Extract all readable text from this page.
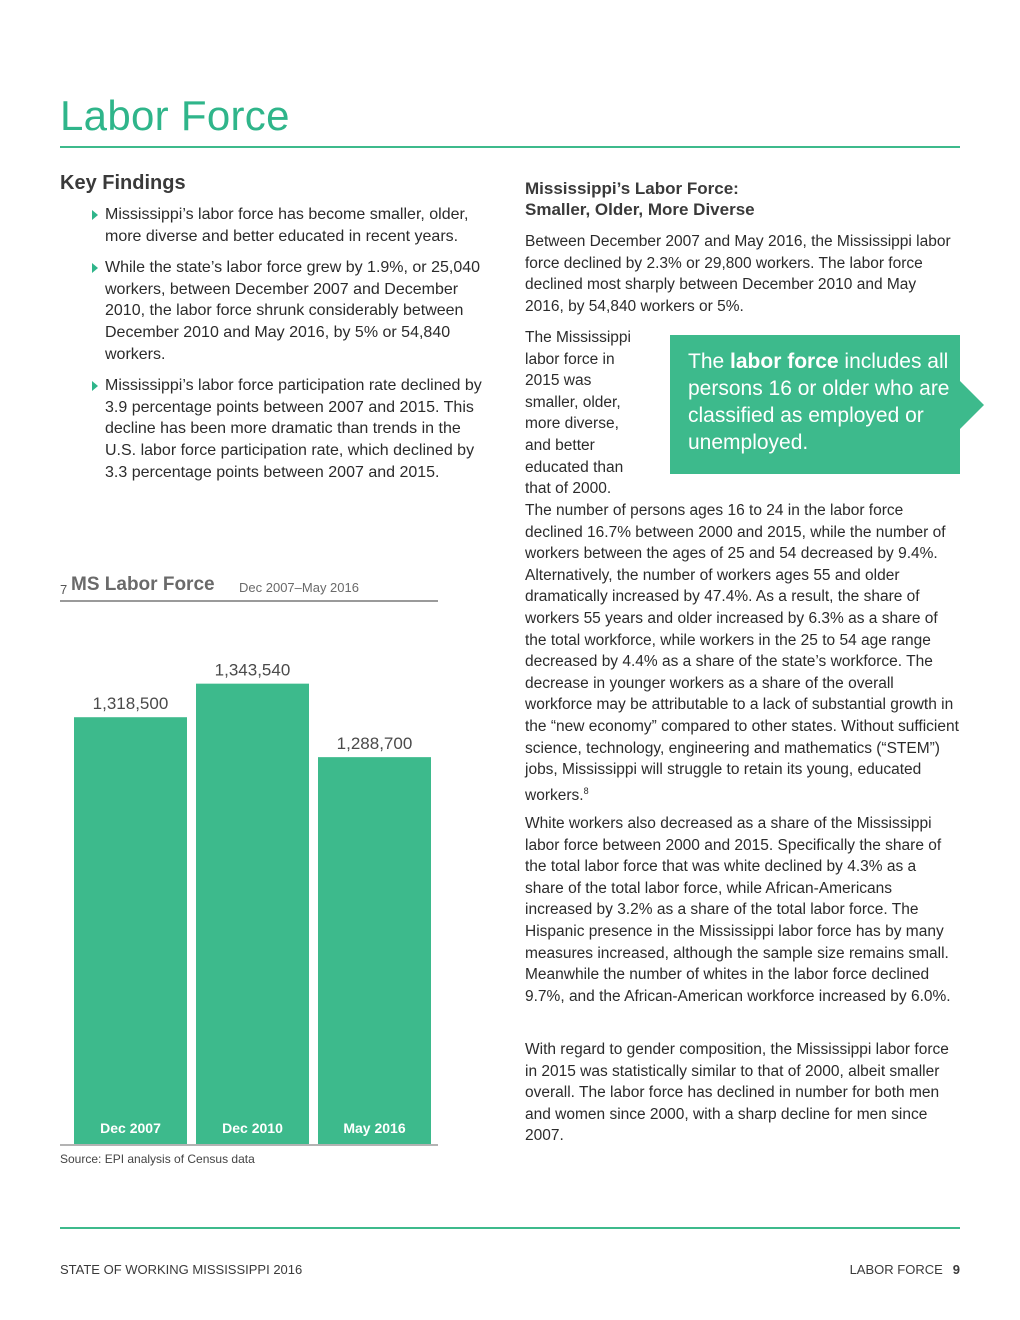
Labor Force
Key Findings
Mississippi’s labor force has become smaller, older, more diverse and better educated in recent years.
While the state’s labor force grew by 1.9%, or 25,040 workers, between December 2007 and December 2010, the labor force shrunk considerably between December 2010 and May 2016, by 5% or 54,840 workers.
Mississippi’s labor force participation rate declined by 3.9 percentage points between 2007 and 2015. This decline has been more dramatic than trends in the U.S. labor force participation rate, which declined by 3.3 percentage points between 2007 and 2015.
7 MS Labor Force Dec 2007–May 2016
1,318,500
Dec 2007
1,343,540
Dec 2010
1,288,700
May 2016
Source: EPI analysis of Census data
Mississippi’s Labor Force:
Smaller, Older, More Diverse

Between December 2007 and May 2016, the Mississippi labor force declined by 2.3% or 29,800 workers. The labor force declined most sharply between December 2010 and May 2016, by 54,840 workers or 5%.

The Mississippi labor force in 2015 was smaller, older, more diverse, and better educated than that of 2000.

The labor force includes all persons 16 or older who are classified as employed or unemployed.

The number of persons ages 16 to 24 in the labor force declined 16.7% between 2000 and 2015, while the number of workers between the ages of 25 and 54 decreased by 9.4%. Alternatively, the number of workers ages 55 and older dramatically increased by 47.4%. As a result, the share of workers 55 years and older increased by 6.3% as a share of the total workforce, while workers in the 25 to 54 age range decreased by 4.4% as a share of the state’s workforce. The decrease in younger workers as a share of the overall workforce may be attributable to a lack of substantial growth in the “new economy” compared to other states. Without sufficient science, technology, engineering and mathematics (“STEM”) jobs, Mississippi will struggle to retain its young, educated workers.$^8$

White workers also decreased as a share of the Mississippi labor force between 2000 and 2015. Specifically the share of the total labor force that was white declined by 4.3% as a share of the total labor force, while African-Americans increased by 3.2% as a share of the total labor force. The Hispanic presence in the Mississippi labor force has by many measures increased, although the sample size remains small. Meanwhile the number of whites in the labor force declined 9.7%, and the African-American workforce increased by 6.0%.

With regard to gender composition, the Mississippi labor force in 2015 was statistically similar to that of 2000, albeit smaller overall. The labor force has declined in number for both men and women since 2000, with a sharp decline for men since 2007.

STATE OF WORKING MISSISSIPPI 2016	LABOR FORCE 9
